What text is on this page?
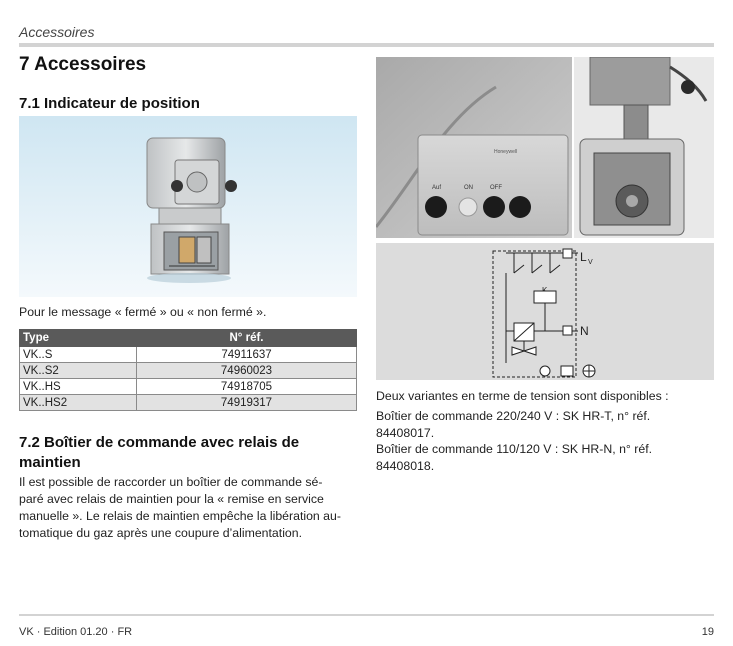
Accessoires
7 Accessoires
7.1 Indicateur de position
Pour le message « fermé » ou « non fermé ».
Type	N° réf.
VK..S	74911637
VK..S2	74960023
VK..HS	74918705
VK..HS2	74919317
7.2 Boîtier de commande avec relais de
maintien
Il est possible de raccorder un boîtier de commande sé-
paré avec relais de maintien pour la « remise en service
manuelle ». Le relais de maintien empêche la libération au-
tomatique du gaz après une coupure d’alimentation.
Honeywell
Auf	ON	OFF
L V
N
Deux variantes en terme de tension sont disponibles :
Boîtier de commande 220/240 V : SK HR-T, n° réf.
84408017.
Boîtier de commande 110/120 V : SK HR-N, n° réf.
84408018.
VK · Edition 01.20 · FR	19
